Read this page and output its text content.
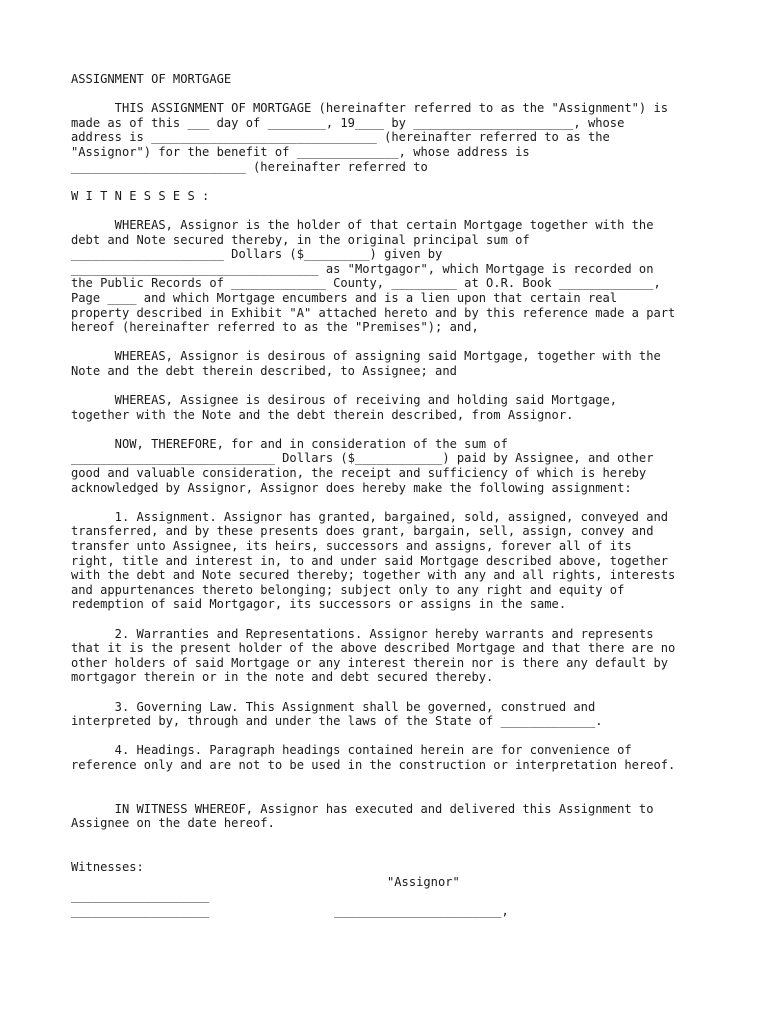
ASSIGNMENT OF MORTGAGE
THIS ASSIGNMENT OF MORTGAGE (hereinafter referred to as the "Assignment") is
made as of this ___ day of ________, 19____ by ______________________, whose
address is _______________________________ (hereinafter referred to as the
"Assignor") for the benefit of ______________, whose address is
________________________ (hereinafter referred to
W I T N E S S E S :
WHEREAS, Assignor is the holder of that certain Mortgage together with the
debt and Note secured thereby, in the original principal sum of
_____________________ Dollars ($_________) given by
__________________________________ as "Mortgagor", which Mortgage is recorded on
the Public Records of _____________ County, _________ at O.R. Book _____________,
Page ____ and which Mortgage encumbers and is a lien upon that certain real
property described in Exhibit "A" attached hereto and by this reference made a part
hereof (hereinafter referred to as the "Premises"); and,
WHEREAS, Assignor is desirous of assigning said Mortgage, together with the
Note and the debt therein described, to Assignee; and
WHEREAS, Assignee is desirous of receiving and holding said Mortgage,
together with the Note and the debt therein described, from Assignor.
NOW, THEREFORE, for and in consideration of the sum of
____________________________ Dollars ($____________) paid by Assignee, and other
good and valuable consideration, the receipt and sufficiency of which is hereby
acknowledged by Assignor, Assignor does hereby make the following assignment:
1. Assignment. Assignor has granted, bargained, sold, assigned, conveyed and
transferred, and by these presents does grant, bargain, sell, assign, convey and
transfer unto Assignee, its heirs, successors and assigns, forever all of its
right, title and interest in, to and under said Mortgage described above, together
with the debt and Note secured thereby; together with any and all rights, interests
and appurtenances thereto belonging; subject only to any right and equity of
redemption of said Mortgagor, its successors or assigns in the same.
2. Warranties and Representations. Assignor hereby warrants and represents
that it is the present holder of the above described Mortgage and that there are no
other holders of said Mortgage or any interest therein nor is there any default by
mortgagor therein or in the note and debt secured thereby.
3. Governing Law. This Assignment shall be governed, construed and
interpreted by, through and under the laws of the State of _____________.
4. Headings. Paragraph headings contained herein are for convenience of
reference only and are not to be used in the construction or interpretation hereof.
IN WITNESS WHEREOF, Assignor has executed and delivered this Assignment to
Assignee on the date hereof.

Witnesses:

"Assignor"

___________________

_______________________,

___________________
